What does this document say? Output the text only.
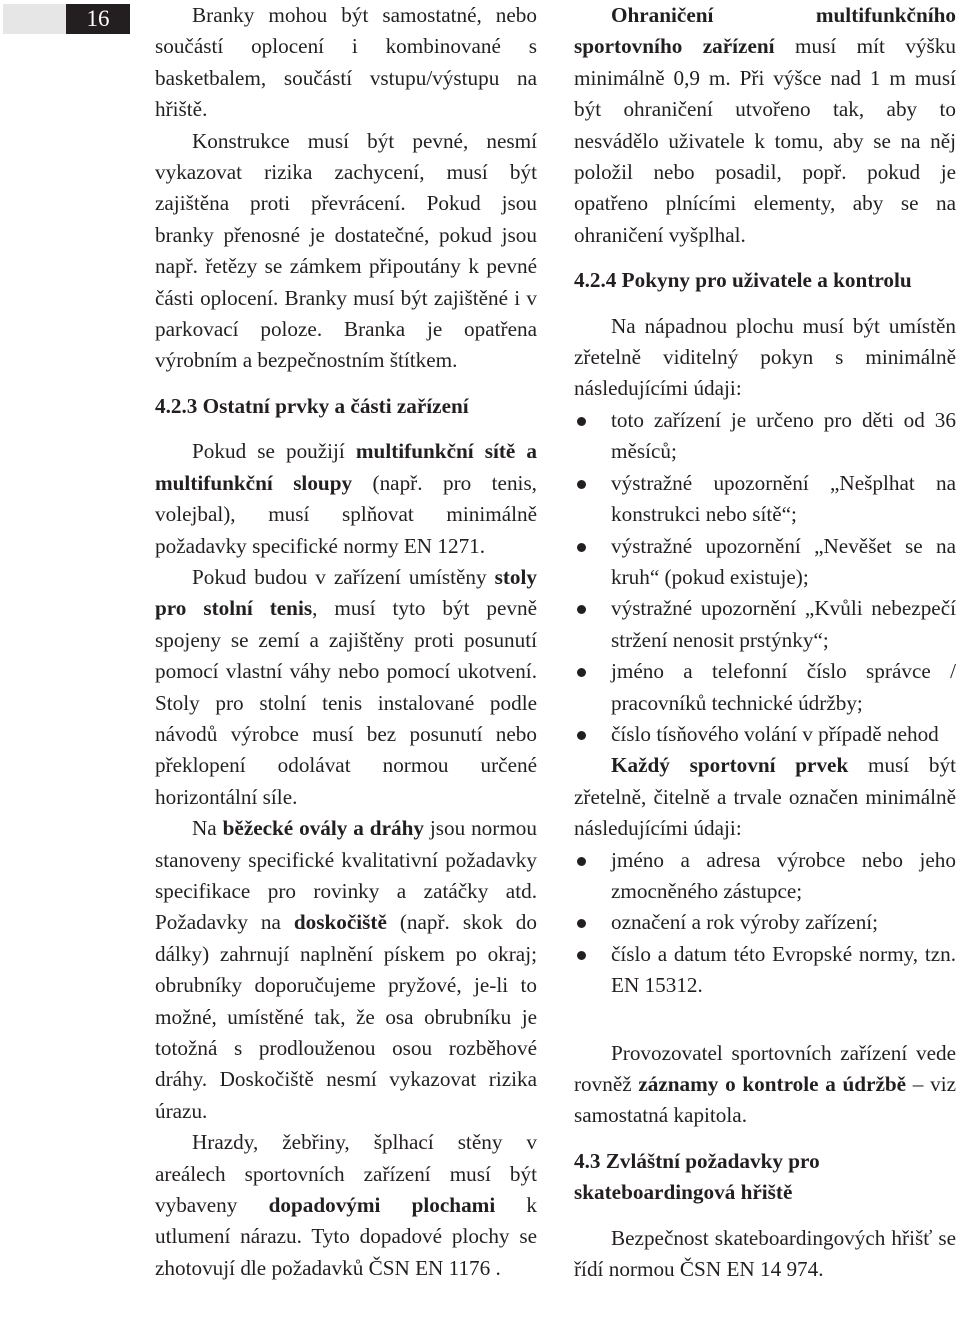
16	Branky mohou být samostatné, nebo součástí oplocení i kombinované s basketbalem, součástí vstupu/výstupu na hřiště.

Konstrukce musí být pevné, nesmí vykazovat rizika zachycení, musí být zajištěna proti převrácení. Pokud jsou branky přenosné je dostatečné, pokud jsou např. řetězy se zámkem připoutány k pevné části oplocení. Branky musí být zajištěné i v parkovací poloze. Branka je opatřena výrobním a bezpečnostním štítkem.

4.2.3 Ostatní prvky a části zařízení

Pokud se použijí multifunkční sítě a multifunkční sloupy (např. pro tenis, volejbal), musí splňovat minimálně požadavky specifické normy EN 1271.

Pokud budou v zařízení umístěny stoly pro stolní tenis, musí tyto být pevně spojeny se zemí a zajištěny proti posunutí pomocí vlastní váhy nebo pomocí ukotvení. Stoly pro stolní tenis instalované podle návodů výrobce musí bez posunutí nebo překlopení odolávat normou určené horizontální síle.

Na běžecké ovály a dráhy jsou normou stanoveny specifické kvalitativní požadavky specifikace pro rovinky a zatáčky atd. Požadavky na doskočiště (např. skok do dálky) zahrnují naplnění pískem po okraj; obrubníky doporučujeme pryžové, je-li to možné, umístěné tak, že osa obrubníku je totožná s prodlouženou osou rozběhové dráhy. Doskočiště nesmí vykazovat rizika úrazu.

Hrazdy, žebřiny, šplhací stěny v areálech sportovních zařízení musí být vybaveny dopadovými plochami k utlumení nárazu. Tyto dopadové plochy se zhotovují dle požadavků ČSN EN 1176 .

Ohraničení multifunkčního sportovního zařízení musí mít výšku minimálně 0,9 m. Při výšce nad 1 m musí být ohraničení utvořeno tak, aby to nesvádělo uživatele k tomu, aby se na něj položil nebo posadil, popř. pokud je opatřeno plnícími elementy, aby se na ohraničení vyšplhal.

4.2.4 Pokyny pro uživatele a kontrolu

Na nápadnou plochu musí být umístěn zřetelně viditelný pokyn s minimálně následujícími údaji:

toto zařízení je určeno pro děti od 36 měsíců;
výstražné upozornění „Nešplhat na konstrukci nebo sítě“;
výstražné upozornění „Nevěšet se na kruh“ (pokud existuje);
výstražné upozornění „Kvůli nebezpečí stržení nenosit prstýnky“;
jméno a telefonní číslo správce / pracovníků technické údržby;
číslo tísňového volání v případě nehod

Každý sportovní prvek musí být zřetelně, čitelně a trvale označen minimálně následujícími údaji:

jméno a adresa výrobce nebo jeho zmocněného zástupce;
označení a rok výroby zařízení;
číslo a datum této Evropské normy, tzn. EN 15312.

Provozovatel sportovních zařízení vede rovněž záznamy o kontrole a údržbě – viz samostatná kapitola.

4.3 Zvláštní požadavky pro
skateboardingová hřiště

Bezpečnost skateboardingových hřišť se řídí normou ČSN EN 14 974.
